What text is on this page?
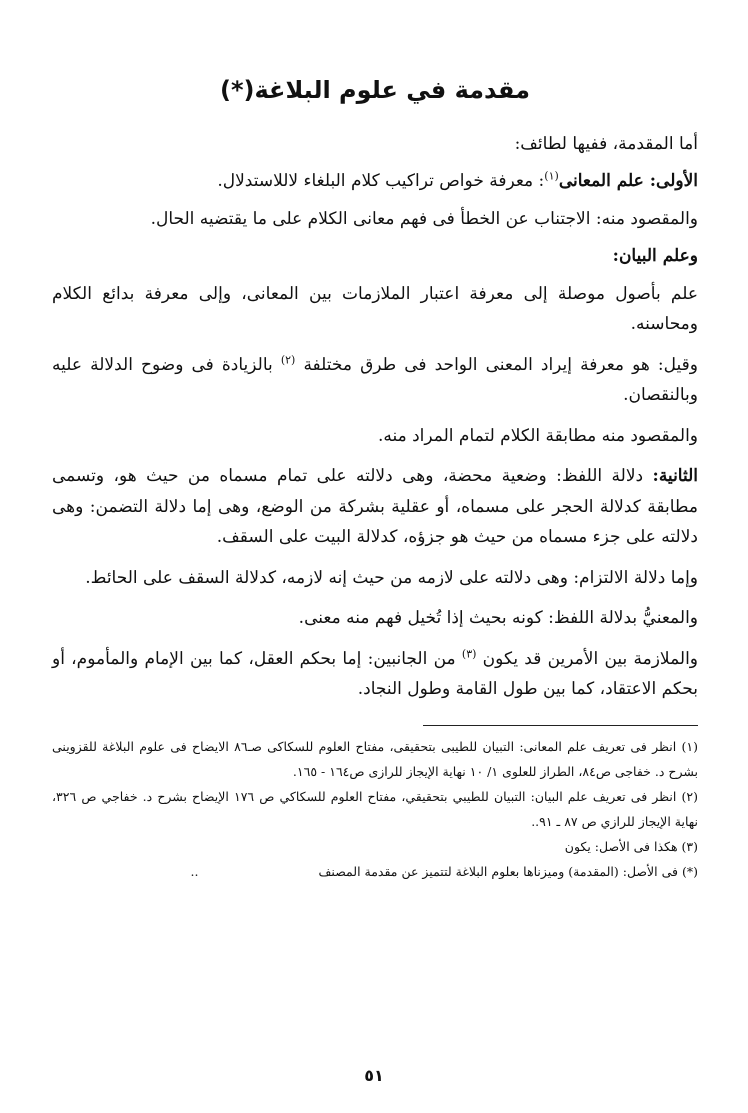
مقدمة في علوم البلاغة(*)

أما المقدمة، ففيها لطائف:

الأولى: علم المعانى$^{(١)}$: معرفة خواص تراكيب كلام البلغاء لاللاستدلال.

والمقصود منه: الاجتناب عن الخطأ فى فهم معانى الكلام على ما يقتضيه الحال.

وعلم البيان:

علم بأصول موصلة إلى معرفة اعتبار الملازمات بين المعانى، وإلى معرفة بدائع الكلام ومحاسنه.

وقيل: هو معرفة إيراد المعنى الواحد فى طرق مختلفة $^{(٢)}$ بالزيادة فى وضوح الدلالة عليه وبالنقصان.

والمقصود منه مطابقة الكلام لتمام المراد منه.

الثانية: دلالة اللفظ: وضعية محضة، وهى دلالته على تمام مسماه من حيث هو، وتسمى مطابقة كدلالة الحجر على مسماه، أو عقلية بشركة من الوضع، وهى إما دلالة التضمن: وهى دلالته على جزء مسماه من حيث هو جزؤه، كدلالة البيت على السقف.

وإما دلالة الالتزام: وهى دلالته على لازمه من حيث إنه لازمه، كدلالة السقف على الحائط.

والمعنيُّ بدلالة اللفظ: كونه بحيث إذا تُخيل فهم منه معنى.

والملازمة بين الأمرين قد يكون $^{(٣)}$ من الجانبين: إما بحكم العقل، كما بين الإمام والمأموم، أو بحكم الاعتقاد، كما بين طول القامة وطول النجاد.

(١) انظر فى تعريف علم المعانى: التبيان للطيبى بتحقيقى، مفتاح العلوم للسكاكى صـ٨٦ الايضاح فى علوم البلاغة للقزوينى بشرح د. خفاجى ص٨٤، الطراز للعلوى ١/ ١٠ نهاية الإيجاز للرازى ص١٦٤ - ١٦٥.

(٢) انظر فى تعريف علم البيان: التبيان للطيبي بتحقيقي، مفتاح العلوم للسكاكي ص ١٧٦ الإيضاح بشرح د. خفاجي ص ٣٢٦، نهاية الإيجاز للرازي ص ٨٧ ـ ٩١..

(٣) هكذا فى الأصل: يكون

(*) فى الأصل: (المقدمة) وميزناها بعلوم البلاغة لتتميز عن مقدمة المصنف..

٥١
